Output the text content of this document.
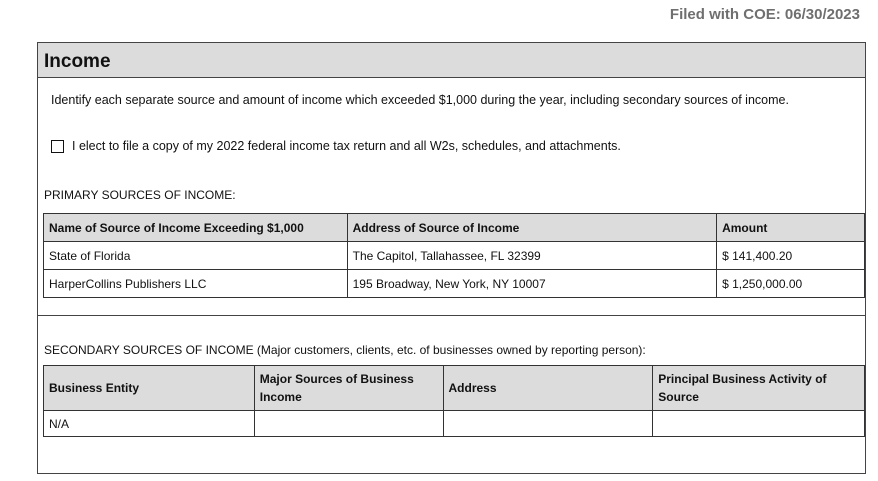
Filed with COE: 06/30/2023
Income
Identify each separate source and amount of income which exceeded $1,000 during the year, including secondary sources of income.
I elect to file a copy of my 2022 federal income tax return and all W2s, schedules, and attachments.
PRIMARY SOURCES OF INCOME:
Name of Source of Income Exceeding $1,000	Address of Source of Income	Amount
State of Florida	The Capitol, Tallahassee, FL 32399	$ 141,400.20
HarperCollins Publishers LLC	195 Broadway, New York, NY 10007	$ 1,250,000.00
SECONDARY SOURCES OF INCOME (Major customers, clients, etc. of businesses owned by reporting person):
Business Entity	Major Sources of Business Income	Address	Principal Business Activity of Source
N/A			
